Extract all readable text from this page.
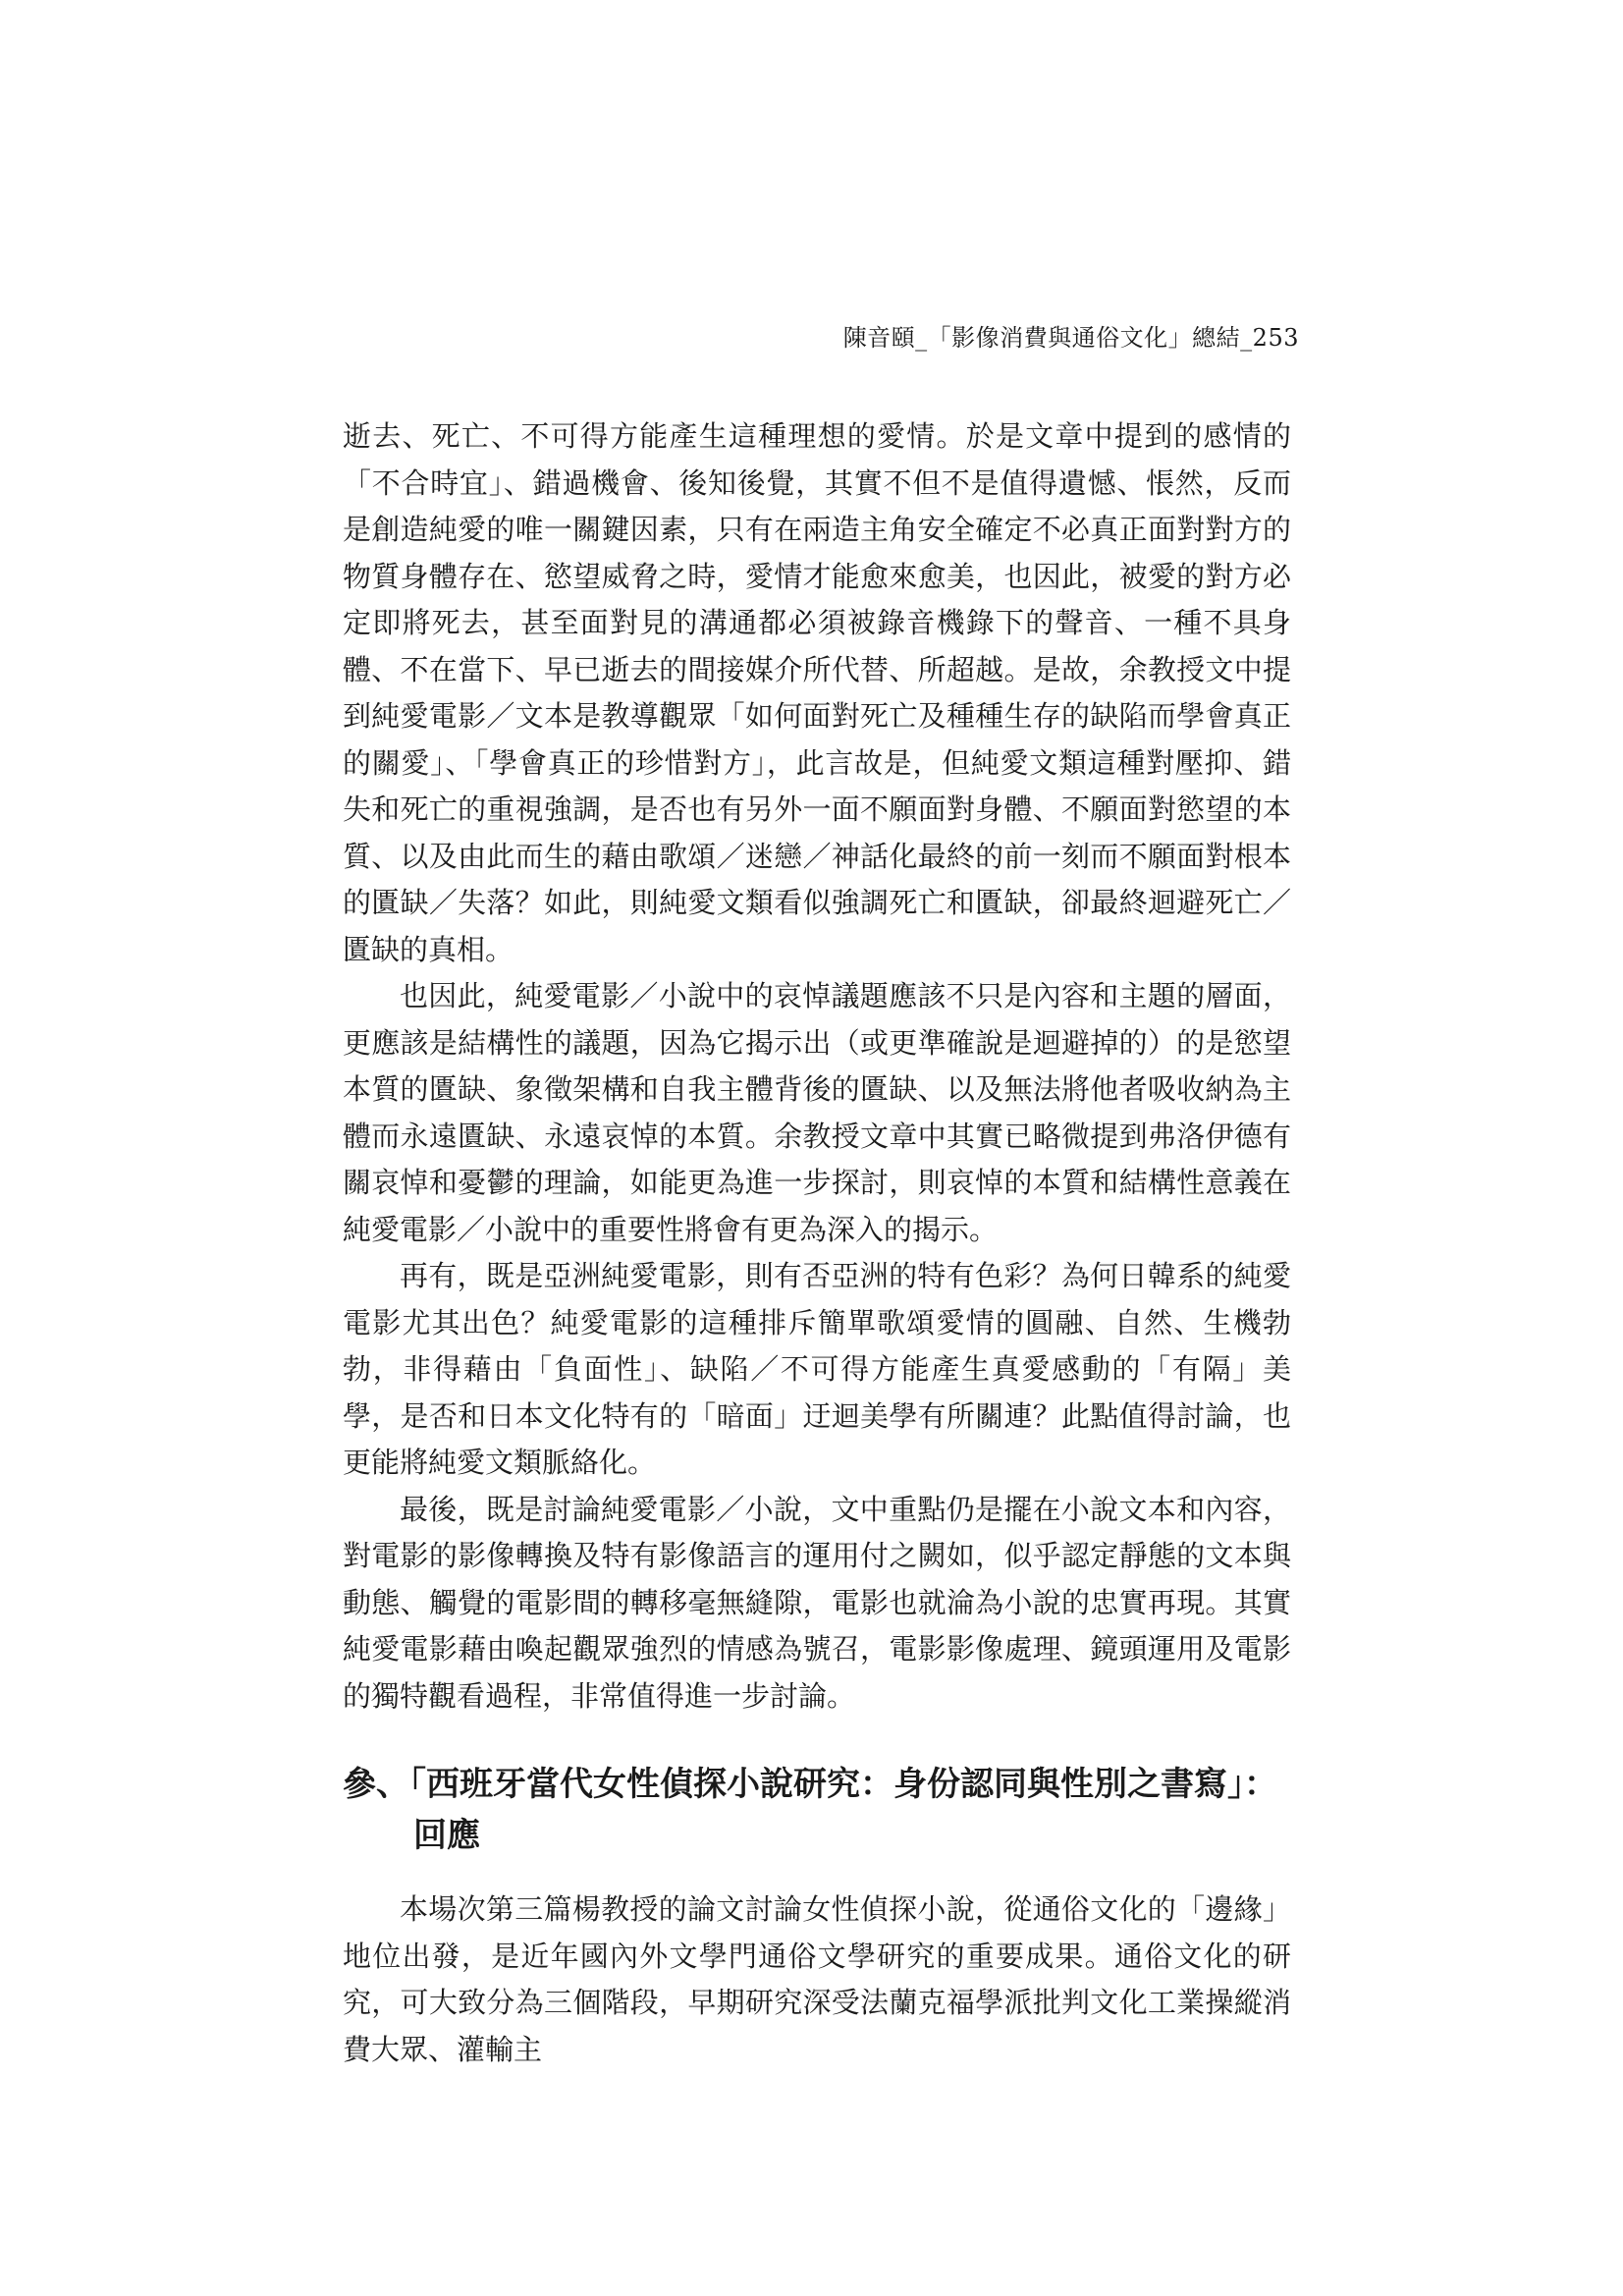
陳音頤_「影像消費與通俗文化」總結_253

逝去、死亡、不可得方能產生這種理想的愛情。於是文章中提到的感情的「不合時宜」、錯過機會、後知後覺，其實不但不是值得遺憾、悵然，反而是創造純愛的唯一關鍵因素，只有在兩造主角安全確定不必真正面對對方的物質身體存在、慾望威脅之時，愛情才能愈來愈美，也因此，被愛的對方必定即將死去，甚至面對見的溝通都必須被錄音機錄下的聲音、一種不具身體、不在當下、早已逝去的間接媒介所代替、所超越。是故，余教授文中提到純愛電影／文本是教導觀眾「如何面對死亡及種種生存的缺陷而學會真正的關愛」、「學會真正的珍惜對方」，此言故是，但純愛文類這種對壓抑、錯失和死亡的重視強調，是否也有另外一面不願面對身體、不願面對慾望的本質、以及由此而生的藉由歌頌／迷戀／神話化最終的前一刻而不願面對根本的匱缺／失落？如此，則純愛文類看似強調死亡和匱缺，卻最終迴避死亡／匱缺的真相。

也因此，純愛電影／小說中的哀悼議題應該不只是內容和主題的層面，更應該是結構性的議題，因為它揭示出（或更準確說是迴避掉的）的是慾望本質的匱缺、象徵架構和自我主體背後的匱缺、以及無法將他者吸收納為主體而永遠匱缺、永遠哀悼的本質。余教授文章中其實已略微提到弗洛伊德有關哀悼和憂鬱的理論，如能更為進一步探討，則哀悼的本質和結構性意義在純愛電影／小說中的重要性將會有更為深入的揭示。

再有，既是亞洲純愛電影，則有否亞洲的特有色彩？為何日韓系的純愛電影尤其出色？純愛電影的這種排斥簡單歌頌愛情的圓融、自然、生機勃勃，非得藉由「負面性」、缺陷／不可得方能產生真愛感動的「有隔」美學，是否和日本文化特有的「暗面」迂迴美學有所關連？此點值得討論，也更能將純愛文類脈絡化。

最後，既是討論純愛電影／小說，文中重點仍是擺在小說文本和內容，對電影的影像轉換及特有影像語言的運用付之闕如，似乎認定靜態的文本與動態、觸覺的電影間的轉移毫無縫隙，電影也就淪為小說的忠實再現。其實純愛電影藉由喚起觀眾強烈的情感為號召，電影影像處理、鏡頭運用及電影的獨特觀看過程，非常值得進一步討論。

參、「西班牙當代女性偵探小說研究：身份認同與性別之書寫」：回應

本場次第三篇楊教授的論文討論女性偵探小說，從通俗文化的「邊緣」地位出發，是近年國內外文學門通俗文學研究的重要成果。通俗文化的研究，可大致分為三個階段，早期研究深受法蘭克福學派批判文化工業操縱消費大眾、灌輸主
